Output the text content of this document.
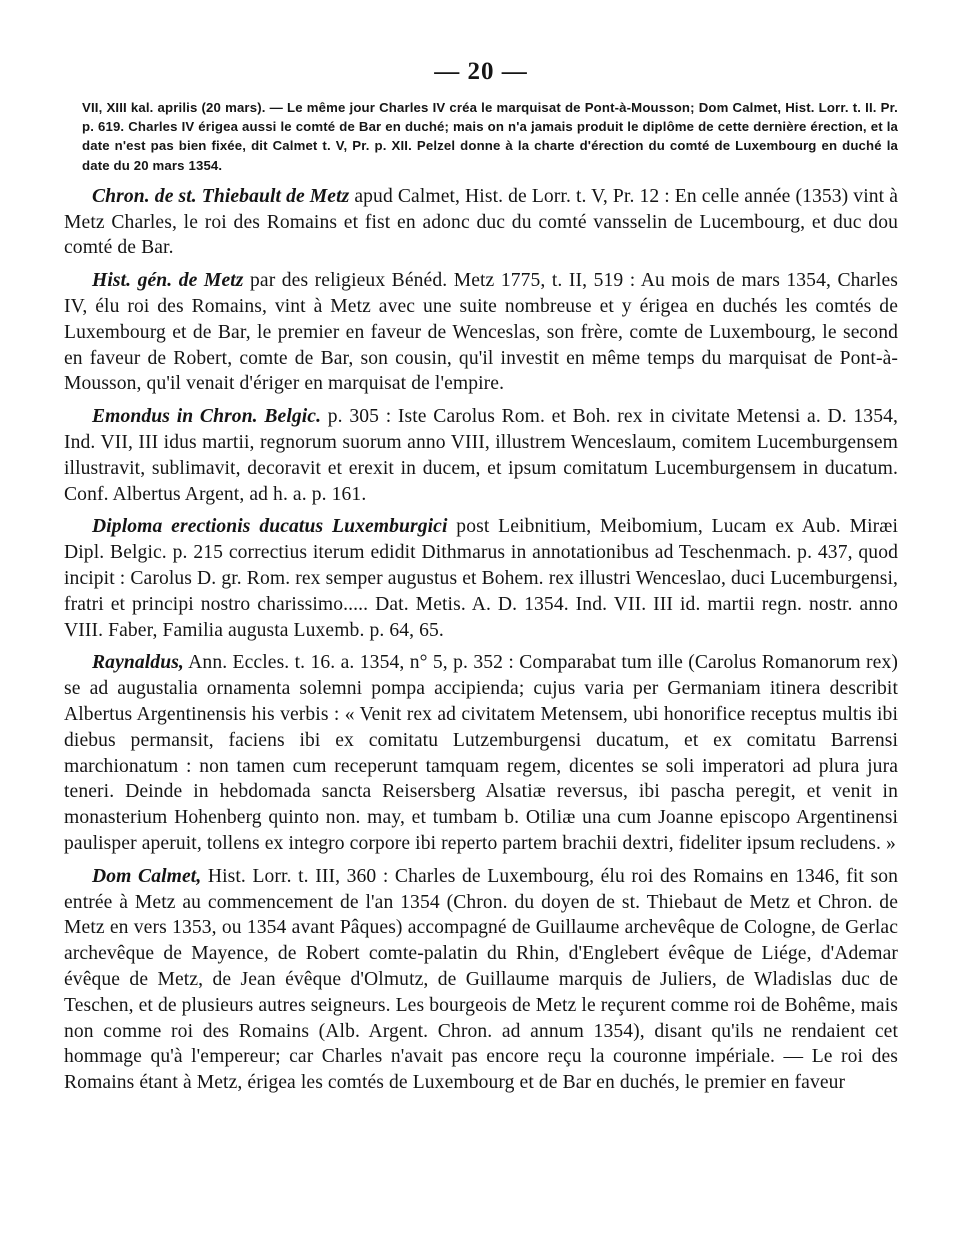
— 20 —

VII, XIII kal. aprilis (20 mars). — Le même jour Charles IV créa le marquisat de Pont-à-Mousson; Dom Calmet, Hist. Lorr. t. II. Pr. p. 619. Charles IV érigea aussi le comté de Bar en duché; mais on n'a jamais produit le diplôme de cette dernière érection, et la date n'est pas bien fixée, dit Calmet t. V, Pr. p. XII. Pelzel donne à la charte d'érection du comté de Luxembourg en duché la date du 20 mars 1354.

Chron. de st. Thiebault de Metz apud Calmet, Hist. de Lorr. t. V, Pr. 12 : En celle année (1353) vint à Metz Charles, le roi des Romains et fist en adonc duc du comté vansselin de Lucembourg, et duc dou comté de Bar.

Hist. gén. de Metz par des religieux Bénéd. Metz 1775, t. II, 519 : Au mois de mars 1354, Charles IV, élu roi des Romains, vint à Metz avec une suite nombreuse et y érigea en duchés les comtés de Luxembourg et de Bar, le premier en faveur de Wenceslas, son frère, comte de Luxembourg, le second en faveur de Robert, comte de Bar, son cousin, qu'il investit en même temps du marquisat de Pont-à-Mousson, qu'il venait d'ériger en marquisat de l'empire.

Emondus in Chron. Belgic. p. 305 : Iste Carolus Rom. et Boh. rex in civitate Metensi a. D. 1354, Ind. VII, III idus martii, regnorum suorum anno VIII, illustrem Wenceslaum, comitem Lucemburgensem illustravit, sublimavit, decoravit et erexit in ducem, et ipsum comitatum Lucemburgensem in ducatum. Conf. Albertus Argent, ad h. a. p. 161.

Diploma erectionis ducatus Luxemburgici post Leibnitium, Meibomium, Lucam ex Aub. Miræi Dipl. Belgic. p. 215 correctius iterum edidit Dithmarus in annotationibus ad Teschenmach. p. 437, quod incipit : Carolus D. gr. Rom. rex semper augustus et Bohem. rex illustri Wenceslao, duci Lucemburgensi, fratri et principi nostro charissimo..... Dat. Metis. A. D. 1354. Ind. VII. III id. martii regn. nostr. anno VIII. Faber, Familia augusta Luxemb. p. 64, 65.

Raynaldus, Ann. Eccles. t. 16. a. 1354, n° 5, p. 352 : Comparabat tum ille (Carolus Romanorum rex) se ad augustalia ornamenta solemni pompa accipienda; cujus varia per Germaniam itinera describit Albertus Argentinensis his verbis : « Venit rex ad civitatem Metensem, ubi honorifice receptus multis ibi diebus permansit, faciens ibi ex comitatu Lutzemburgensi ducatum, et ex comitatu Barrensi marchionatum : non tamen cum receperunt tamquam regem, dicentes se soli imperatori ad plura jura teneri. Deinde in hebdomada sancta Reisersberg Alsatiæ reversus, ibi pascha peregit, et venit in monasterium Hohenberg quinto non. may, et tumbam b. Otiliæ una cum Joanne episcopo Argentinensi paulisper aperuit, tollens ex integro corpore ibi reperto partem brachii dextri, fideliter ipsum recludens. »

Dom Calmet, Hist. Lorr. t. III, 360 : Charles de Luxembourg, élu roi des Romains en 1346, fit son entrée à Metz au commencement de l'an 1354 (Chron. du doyen de st. Thiebaut de Metz et Chron. de Metz en vers 1353, ou 1354 avant Pâques) accompagné de Guillaume archevêque de Cologne, de Gerlac archevêque de Mayence, de Robert comte-palatin du Rhin, d'Englebert évêque de Liége, d'Ademar évêque de Metz, de Jean évêque d'Olmutz, de Guillaume marquis de Juliers, de Wladislas duc de Teschen, et de plusieurs autres seigneurs. Les bourgeois de Metz le reçurent comme roi de Bohême, mais non comme roi des Romains (Alb. Argent. Chron. ad annum 1354), disant qu'ils ne rendaient cet hommage qu'à l'empereur; car Charles n'avait pas encore reçu la couronne impériale. — Le roi des Romains étant à Metz, érigea les comtés de Luxembourg et de Bar en duchés, le premier en faveur
